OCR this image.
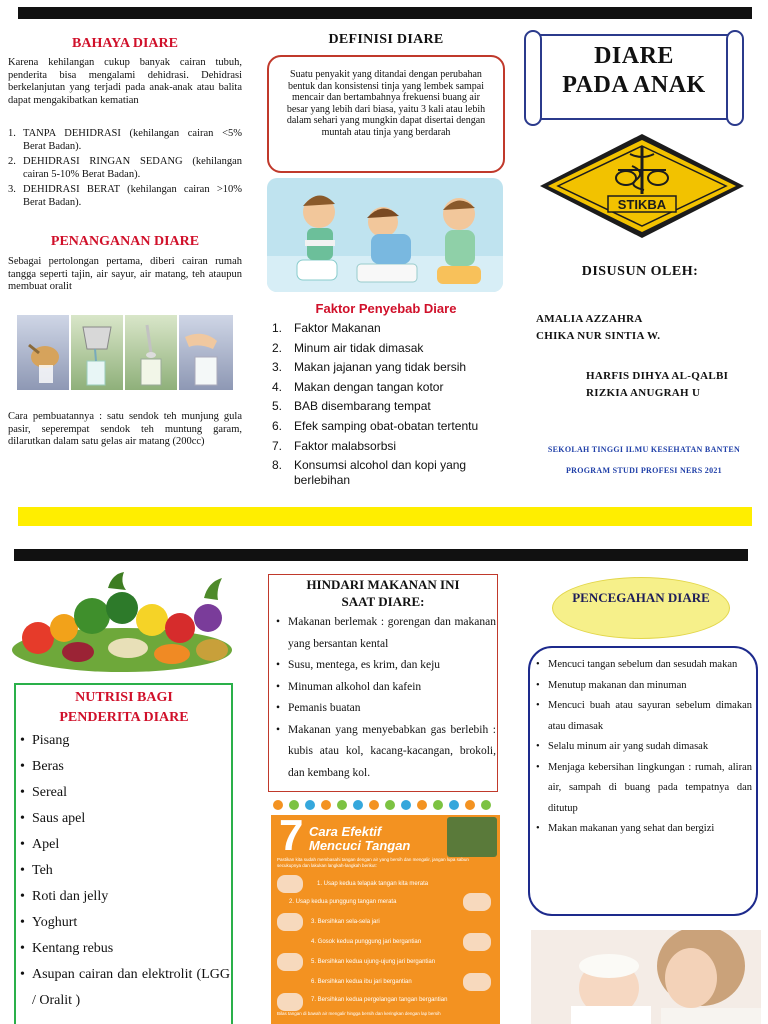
BAHAYA DIARE

Karena kehilangan cukup banyak cairan tubuh, penderita bisa mengalami dehidrasi. Dehidrasi berkelanjutan yang terjadi pada anak-anak atau balita dapat mengakibatkan kematian

1. TANPA DEHIDRASI (kehilangan cairan <5% Berat Badan).
2. DEHIDRASI RINGAN SEDANG (kehilangan cairan 5-10% Berat Badan).
3. DEHIDRASI BERAT (kehilangan cairan >10% Berat Badan).
PENANGANAN DIARE

Sebagai pertolongan pertama, diberi cairan rumah tangga seperti tajin, air sayur, air matang, teh ataupun membuat oralit

Cara pembuatannya : satu sendok teh munjung gula pasir, seperempat sendok teh muntung garam, dilarutkan dalam satu gelas air matang (200cc)

DEFINISI DIARE

Suatu penyakit yang ditandai dengan perubahan bentuk dan konsistensi tinja yang lembek sampai mencair dan bertambahnya frekuensi buang air besar yang lebih dari biasa, yaitu 3 kali atau lebih dalam sehari yang mungkin dapat disertai dengan muntah atau tinja yang berdarah

Faktor Penyebab Diare
1. Faktor Makanan
2. Minum air tidak dimasak
3. Makan jajanan yang tidak bersih
4. Makan dengan tangan kotor
5. BAB disembarang tempat
6. Efek samping obat-obatan tertentu
7. Faktor malabsorbsi
8. Konsumsi alcohol dan kopi yang berlebihan
DIARE
PADA ANAK
STIKBA
DISUSUN OLEH:
AMALIA AZZAHRA
CHIKA NUR SINTIA W.
HARFIS DIHYA AL-QALBI
RIZKIA ANUGRAH U
SEKOLAH TINGGI ILMU KESEHATAN BANTEN
PROGRAM STUDI PROFESI NERS 2021
NUTRISI BAGI PENDERITA DIARE
• Pisang
• Beras
• Sereal
• Saus apel
• Apel
• Teh
• Roti dan jelly
• Yoghurt
• Kentang rebus
• Asupan cairan dan elektrolit (LGG / Oralit )
HINDARI MAKANAN INI SAAT DIARE:
• Makanan berlemak : gorengan dan makanan yang bersantan kental
• Susu, mentega, es krim, dan keju
• Minuman alkohol dan kafein
• Pemanis buatan
• Makanan yang menyebabkan gas berlebih : kubis atau kol, kacang-kacangan, brokoli, dan kembang kol.
7 Cara Efektif
Mencuci Tangan
Pastikan kita sudah membasahi tangan dengan air yang bersih dan mengalir, jangan lupa sabun secukupnya dan lakukan langkah-langkah berikut:
1. Usap kedua telapak tangan kita merata
2. Usap kedua punggung tangan merata
3. Bersihkan sela-sela jari
4. Gosok kedua punggung jari bergantian
5. Bersihkan kedua ujung-ujung jari bergantian
6. Bersihkan kedua ibu jari bergantian
7. Bersihkan kedua pergelangan tangan bergantian
Bilas tangan di bawah air mengalir hingga bersih dan keringkan dengan lap bersih
PENCEGAHAN DIARE
• Mencuci tangan sebelum dan sesudah makan
• Menutup makanan dan minuman
• Mencuci buah atau sayuran sebelum dimakan atau dimasak
• Selalu minum air yang sudah dimasak
• Menjaga kebersihan lingkungan : rumah, aliran air, sampah di buang pada tempatnya dan ditutup
• Makan makanan yang sehat dan bergizi
